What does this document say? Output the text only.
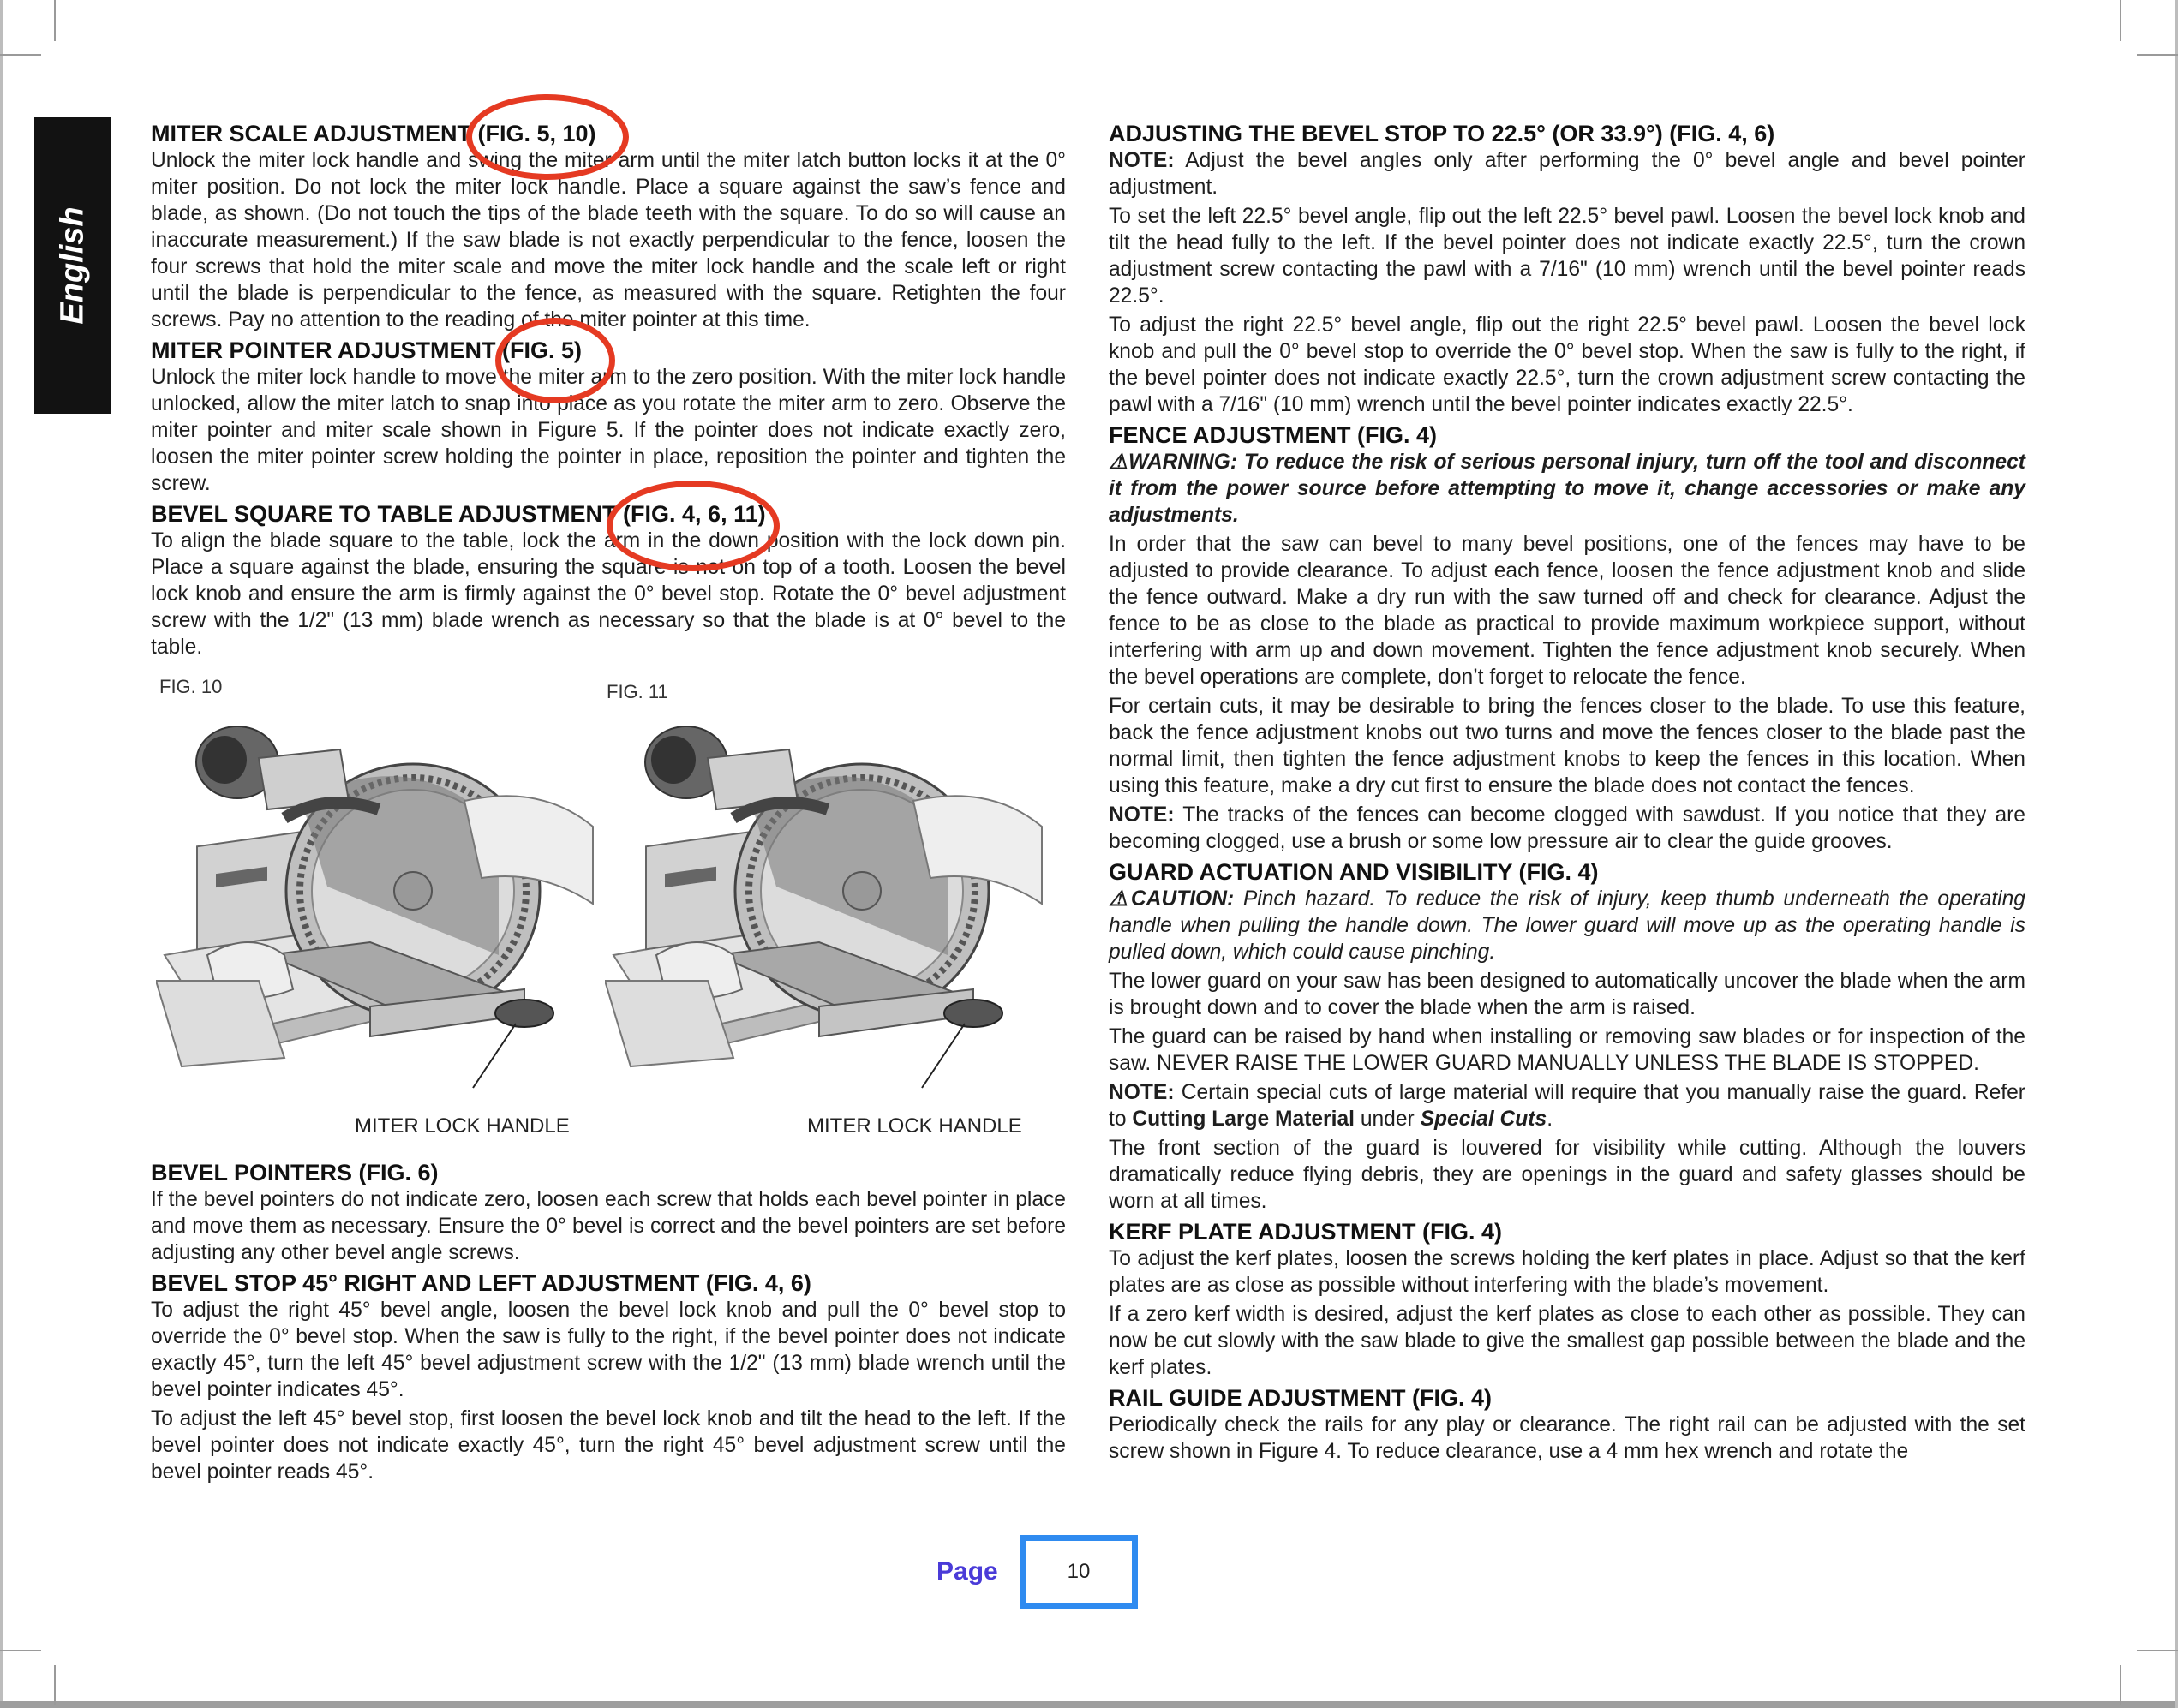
English
MITER SCALE ADJUSTMENT (FIG. 5, 10)

Unlock the miter lock handle and swing the miter arm until the miter latch button locks it at the 0° miter position. Do not lock the miter lock handle. Place a square against the saw’s fence and blade, as shown. (Do not touch the tips of the blade teeth with the square. To do so will cause an inaccurate measurement.) If the saw blade is not exactly perpendicular to the fence, loosen the four screws that hold the miter scale and move the miter lock handle and the scale left or right until the blade is perpendicular to the fence, as measured with the square. Retighten the four screws. Pay no attention to the reading of the miter pointer at this time.

MITER POINTER ADJUSTMENT (FIG. 5)

Unlock the miter lock handle to move the miter arm to the zero position. With the miter lock handle unlocked, allow the miter latch to snap into place as you rotate the miter arm to zero. Observe the miter pointer and miter scale shown in Figure 5. If the pointer does not indicate exactly zero, loosen the miter pointer screw holding the pointer in place, reposition the pointer and tighten the screw.

BEVEL SQUARE TO TABLE ADJUSTMENT (FIG. 4, 6, 11)

To align the blade square to the table, lock the arm in the down position with the lock down pin. Place a square against the blade, ensuring the square is not on top of a tooth. Loosen the bevel lock knob and ensure the arm is firmly against the 0° bevel stop. Rotate the 0° bevel adjustment screw with the 1/2" (13 mm) blade wrench as necessary so that the blade is at 0° bevel to the table.

FIG. 10	FIG. 11
MITER LOCK HANDLE	MITER LOCK HANDLE
BEVEL POINTERS (FIG. 6)

If the bevel pointers do not indicate zero, loosen each screw that holds each bevel pointer in place and move them as necessary. Ensure the 0° bevel is correct and the bevel pointers are set before adjusting any other bevel angle screws.

BEVEL STOP 45° RIGHT AND LEFT ADJUSTMENT (FIG. 4, 6)

To adjust the right 45° bevel angle, loosen the bevel lock knob and pull the 0° bevel stop to override the 0° bevel stop. When the saw is fully to the right, if the bevel pointer does not indicate exactly 45°, turn the left 45° bevel adjustment screw with the 1/2" (13 mm) blade wrench until the bevel pointer indicates 45°.

To adjust the left 45° bevel stop, first loosen the bevel lock knob and tilt the head to the left. If the bevel pointer does not indicate exactly 45°, turn the right 45° bevel adjustment screw until the bevel pointer reads 45°.

ADJUSTING THE BEVEL STOP TO 22.5° (OR 33.9°) (FIG. 4, 6)

NOTE: Adjust the bevel angles only after performing the 0° bevel angle and bevel pointer adjustment.

To set the left 22.5° bevel angle, flip out the left 22.5° bevel pawl. Loosen the bevel lock knob and tilt the head fully to the left. If the bevel pointer does not indicate exactly 22.5°, turn the crown adjustment screw contacting the pawl with a 7/16" (10 mm) wrench until the bevel pointer reads 22.5°.

To adjust the right 22.5° bevel angle, flip out the right 22.5° bevel pawl. Loosen the bevel lock knob and pull the 0° bevel stop to override the 0° bevel stop. When the saw is fully to the right, if the bevel pointer does not indicate exactly 22.5°, turn the crown adjustment screw contacting the pawl with a 7/16" (10 mm) wrench until the bevel pointer indicates exactly 22.5°.

FENCE ADJUSTMENT (FIG. 4)

⚠WARNING: To reduce the risk of serious personal injury, turn off the tool and disconnect it from the power source before attempting to move it, change accessories or make any adjustments.

In order that the saw can bevel to many bevel positions, one of the fences may have to be adjusted to provide clearance. To adjust each fence, loosen the fence adjustment knob and slide the fence outward. Make a dry run with the saw turned off and check for clearance. Adjust the fence to be as close to the blade as practical to provide maximum workpiece support, without interfering with arm up and down movement. Tighten the fence adjustment knob securely. When the bevel operations are complete, don’t forget to relocate the fence.

For certain cuts, it may be desirable to bring the fences closer to the blade. To use this feature, back the fence adjustment knobs out two turns and move the fences closer to the blade past the normal limit, then tighten the fence adjustment knobs to keep the fences in this location. When using this feature, make a dry cut first to ensure the blade does not contact the fences.

NOTE: The tracks of the fences can become clogged with sawdust. If you notice that they are becoming clogged, use a brush or some low pressure air to clear the guide grooves.

GUARD ACTUATION AND VISIBILITY (FIG. 4)

⚠CAUTION: Pinch hazard. To reduce the risk of injury, keep thumb underneath the operating handle when pulling the handle down. The lower guard will move up as the operating handle is pulled down, which could cause pinching.

The lower guard on your saw has been designed to automatically uncover the blade when the arm is brought down and to cover the blade when the arm is raised.

The guard can be raised by hand when installing or removing saw blades or for inspection of the saw. NEVER RAISE THE LOWER GUARD MANUALLY UNLESS THE BLADE IS STOPPED.

NOTE: Certain special cuts of large material will require that you manually raise the guard. Refer to Cutting Large Material under Special Cuts.

The front section of the guard is louvered for visibility while cutting. Although the louvers dramatically reduce flying debris, they are openings in the guard and safety glasses should be worn at all times.

KERF PLATE ADJUSTMENT (FIG. 4)

To adjust the kerf plates, loosen the screws holding the kerf plates in place. Adjust so that the kerf plates are as close as possible without interfering with the blade’s movement.

If a zero kerf width is desired, adjust the kerf plates as close to each other as possible. They can now be cut slowly with the saw blade to give the smallest gap possible between the blade and the kerf plates.

RAIL GUIDE ADJUSTMENT (FIG. 4)

Periodically check the rails for any play or clearance. The right rail can be adjusted with the set screw shown in Figure 4. To reduce clearance, use a 4 mm hex wrench and rotate the

Page	10
